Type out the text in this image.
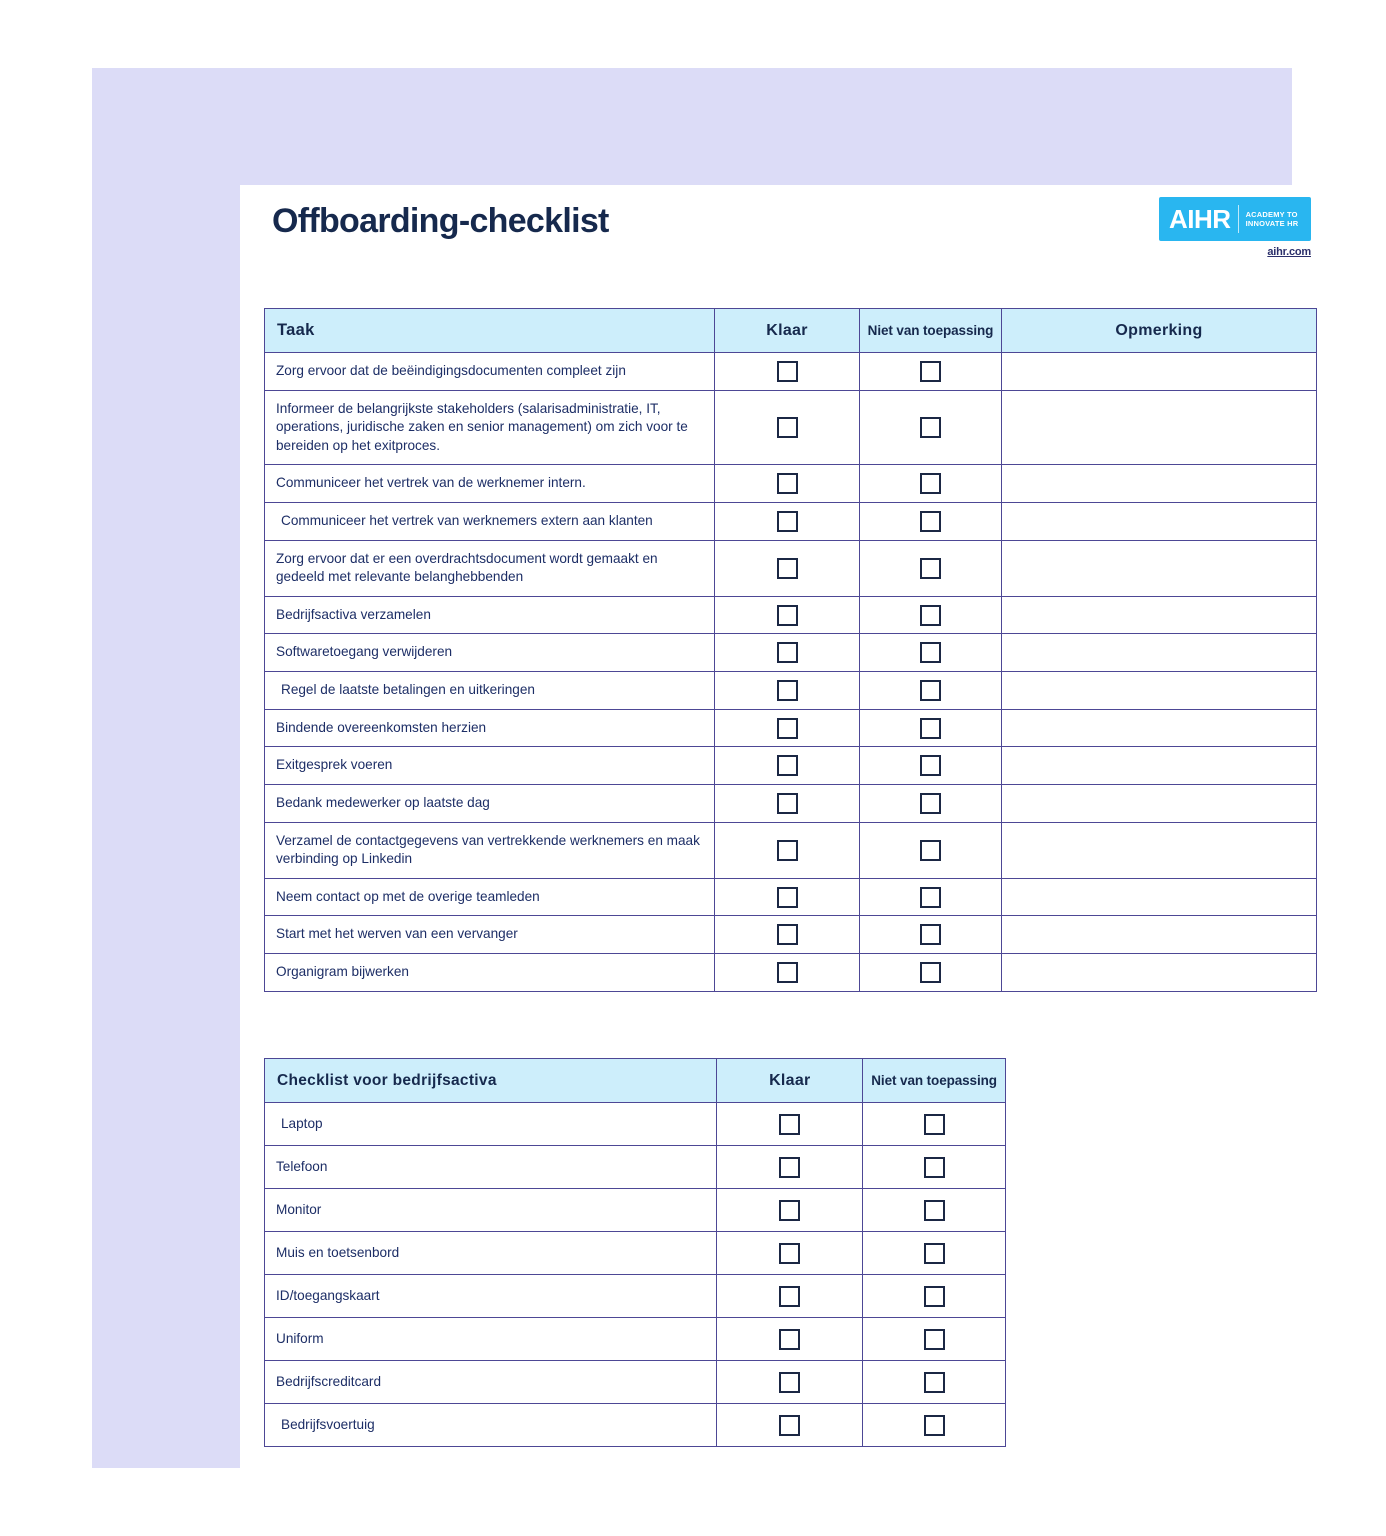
Offboarding-checklist	AIHR ACADEMY TO
INNOVATE HR
aihr.com
Taak	Klaar	Niet van toepassing	Opmerking
Zorg ervoor dat de beëindigingsdocumenten compleet zijn			
Informeer de belangrijkste stakeholders (salarisadministratie, IT, operations, juridische zaken en senior management) om zich voor te bereiden op het exitproces.			
Communiceer het vertrek van de werknemer intern.			
Communiceer het vertrek van werknemers extern aan klanten			
Zorg ervoor dat er een overdrachtsdocument wordt gemaakt en gedeeld met relevante belanghebbenden			
Bedrijfsactiva verzamelen			
Softwaretoegang verwijderen			
Regel de laatste betalingen en uitkeringen			
Bindende overeenkomsten herzien			
Exitgesprek voeren			
Bedank medewerker op laatste dag			
Verzamel de contactgegevens van vertrekkende werknemers en maak verbinding op Linkedin			
Neem contact op met de overige teamleden			
Start met het werven van een vervanger			
Organigram bijwerken			
Checklist voor bedrijfsactiva	Klaar	Niet van toepassing
Laptop		
Telefoon		
Monitor		
Muis en toetsenbord		
ID/toegangskaart		
Uniform		
Bedrijfscreditcard		
Bedrijfsvoertuig		
